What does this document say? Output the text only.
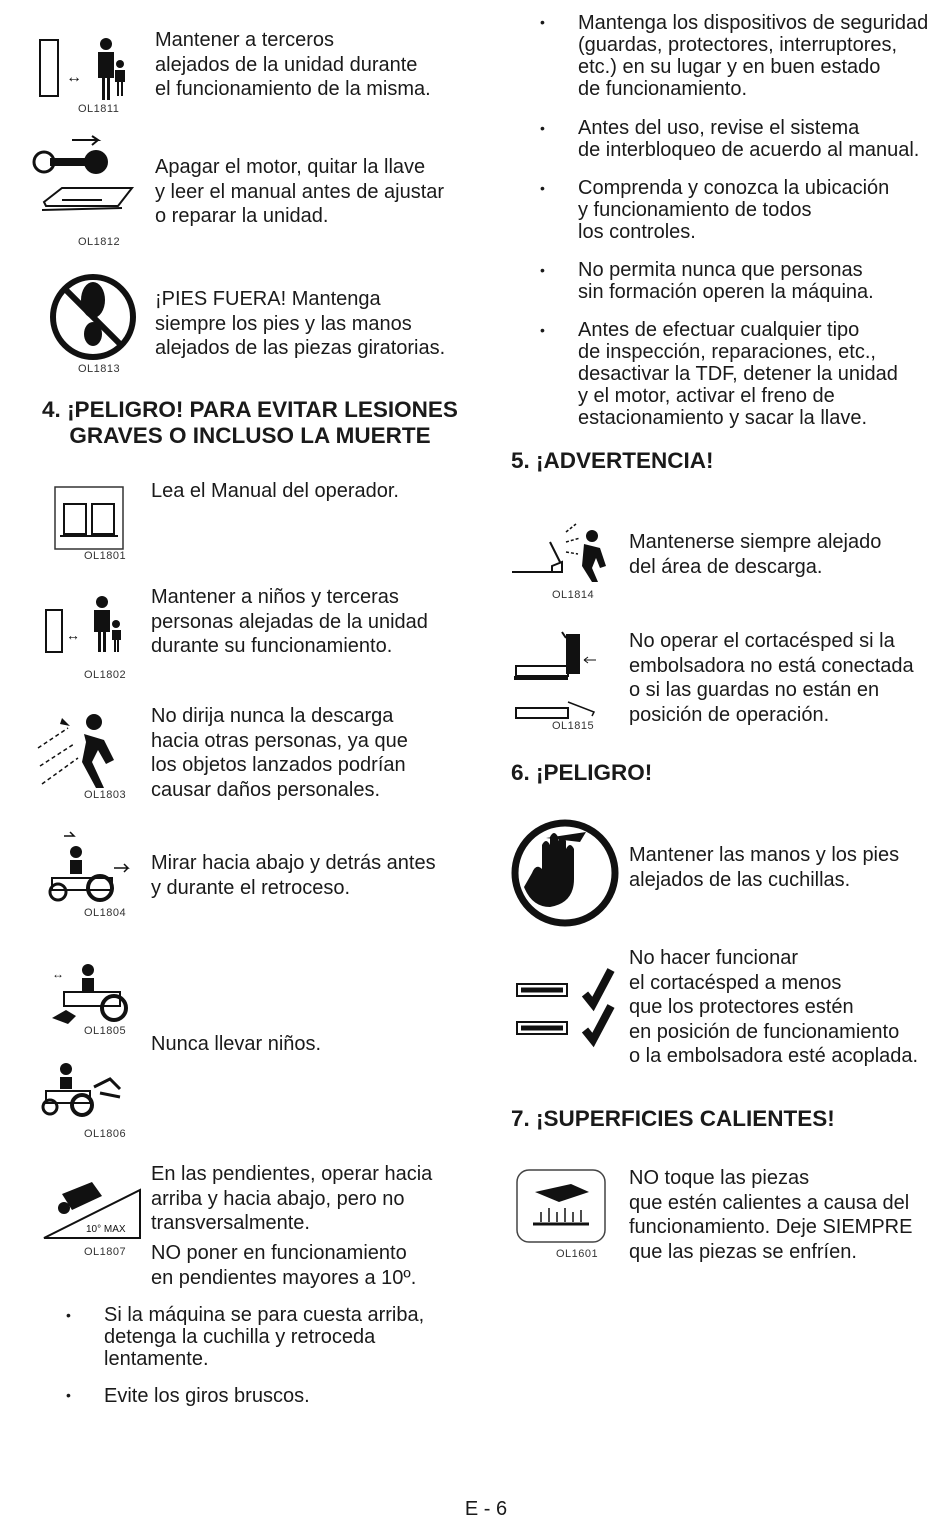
↔
OL1811
Mantener a terceros
alejados de la unidad durante
el funcionamiento de la misma.
OL1812
Apagar el motor, quitar la llave
y leer el manual antes de ajustar
o reparar la unidad.
OL1813
¡PIES FUERA! Mantenga
siempre los pies y las manos
alejados de las piezas giratorias.
4. ¡PELIGRO! PARA EVITAR LESIONES
GRAVES O INCLUSO LA MUERTE
OL1801
Lea el Manual del operador.
↔
OL1802
Mantener a niños y terceras
personas alejadas de la unidad
durante su funcionamiento.
OL1803
No dirija nunca la descarga
hacia otras personas, ya que
los objetos lanzados podrían
causar daños personales.
OL1804
Mirar hacia abajo y detrás antes
y durante el retroceso.
↔
OL1805
Nunca llevar niños.
OL1806
10° MAX
OL1807
En las pendientes, operar hacia
arriba y hacia abajo, pero no
transversalmente.
NO poner en funcionamiento
en pendientes mayores a 10º.
• Si la máquina se para cuesta arriba,
detenga la cuchilla y retroceda
lentamente.
• Evite los giros bruscos.
• Mantenga los dispositivos de seguridad
(guardas, protectores, interruptores,
etc.) en su lugar y en buen estado
de funcionamiento.
• Antes del uso, revise el sistema
de interbloqueo de acuerdo al manual.
• Comprenda y conozca la ubicación
y funcionamiento de todos
los controles.
• No permita nunca que personas
sin formación operen la máquina.
• Antes de efectuar cualquier tipo
de inspección, reparaciones, etc.,
desactivar la TDF, detener la unidad
y el motor, activar el freno de
estacionamiento y sacar la llave.
5. ¡ADVERTENCIA!
OL1814
Mantenerse siempre alejado
del área de descarga.
OL1815
No operar el cortacésped si la
embolsadora no está conectada
o si las guardas no están en
posición de operación.
6. ¡PELIGRO!
Mantener las manos y los pies
alejados de las cuchillas.
No hacer funcionar
el cortacésped a menos
que los protectores estén
en posición de funcionamiento
o la embolsadora esté acoplada.
7. ¡SUPERFICIES CALIENTES!
OL1601
NO toque las piezas
que estén calientes a causa del
funcionamiento. Deje SIEMPRE
que las piezas se enfríen.
E - 6
